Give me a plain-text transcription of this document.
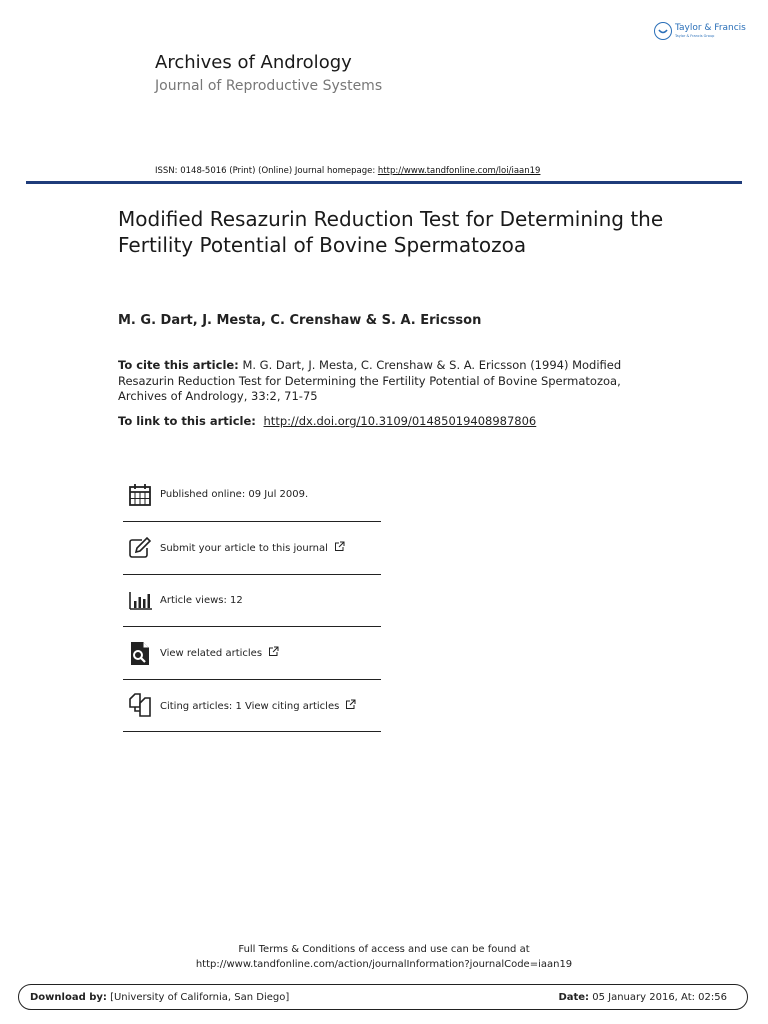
Taylor & Francis
Taylor & Francis Group
Archives of Andrology
Journal of Reproductive Systems
ISSN: 0148-5016 (Print) (Online) Journal homepage: http://www.tandfonline.com/loi/iaan19
Modified Resazurin Reduction Test for Determining the Fertility Potential of Bovine Spermatozoa
M. G. Dart, J. Mesta, C. Crenshaw & S. A. Ericsson
To cite this article: M. G. Dart, J. Mesta, C. Crenshaw & S. A. Ericsson (1994) Modified Resazurin Reduction Test for Determining the Fertility Potential of Bovine Spermatozoa, Archives of Andrology, 33:2, 71-75
To link to this article: http://dx.doi.org/10.3109/01485019408987806
Published online: 09 Jul 2009.
Submit your article to this journal
Article views: 12
View related articles
Citing articles: 1 View citing articles
Full Terms & Conditions of access and use can be found at
http://www.tandfonline.com/action/journalInformation?journalCode=iaan19
Download by: [University of California, San Diego]	Date: 05 January 2016, At: 02:56
